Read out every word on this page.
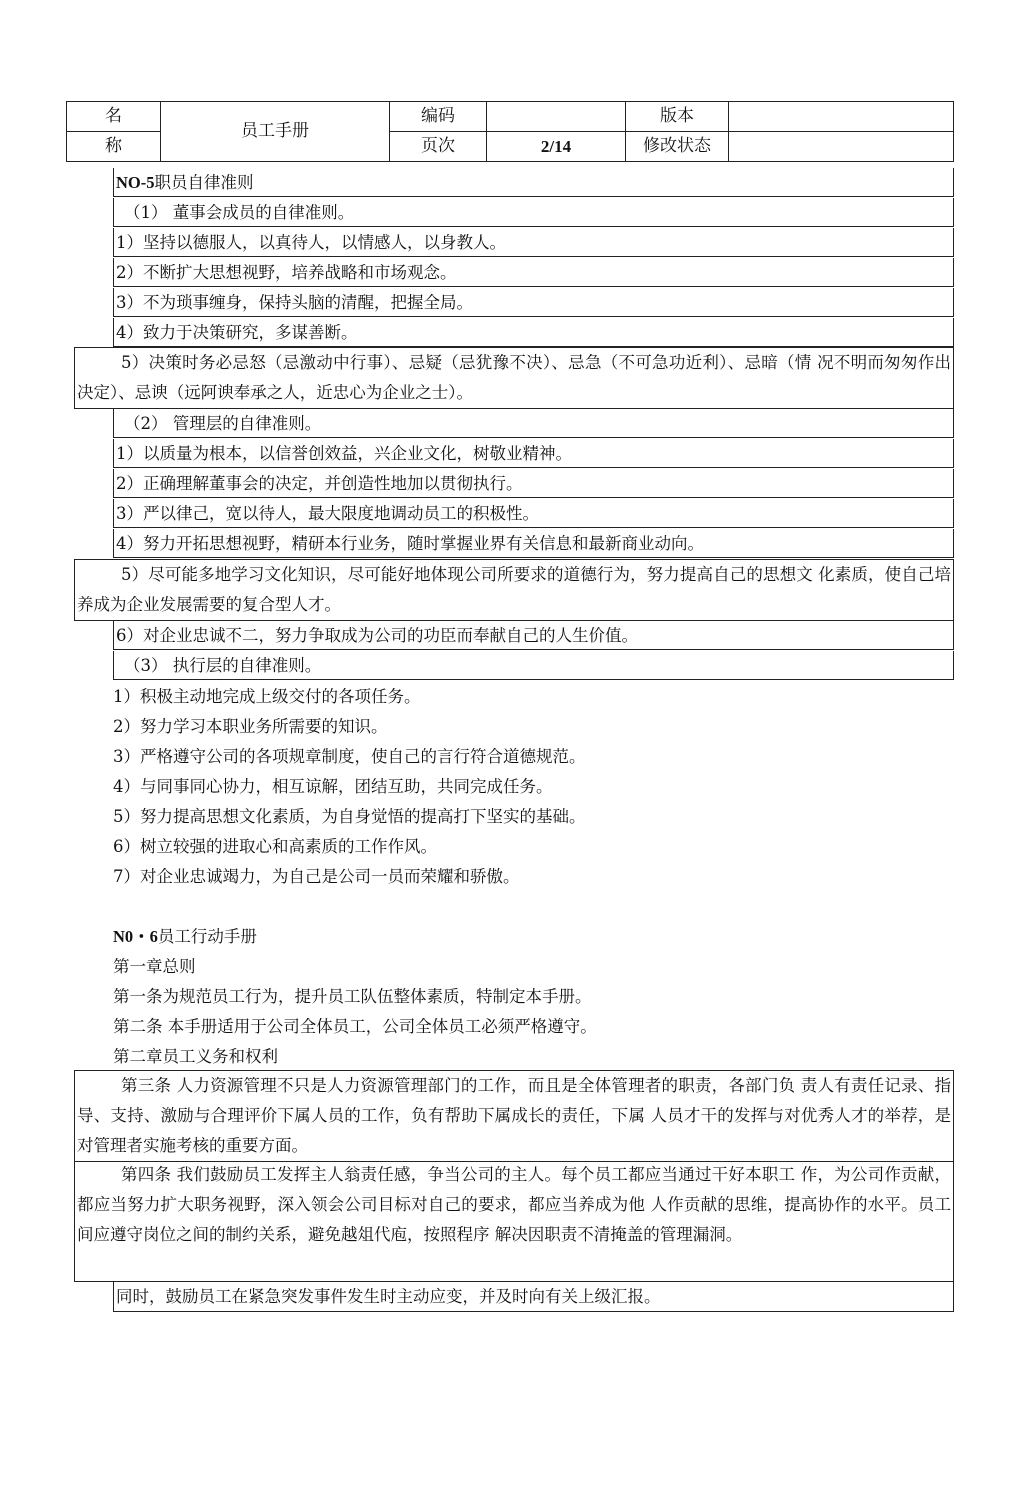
名	员工手册	编码		版本	
称		页次	2/14	修改状态	
NO-5职员自律准则
（1） 董事会成员的自律准则。
1）坚持以德服人，以真待人，以情感人，以身教人。
2）不断扩大思想视野，培养战略和市场观念。
3）不为琐事缠身，保持头脑的清醒，把握全局。
4）致力于决策研究，多谋善断。

5）决策时务必忌怒（忌激动中行事）、忌疑（忌犹豫不决）、忌急（不可急功近利）、忌暗（情 况不明而匆匆作出决定）、忌谀（远阿谀奉承之人，近忠心为企业之士）。

（2） 管理层的自律准则。
1）以质量为根本，以信誉创效益，兴企业文化，树敬业精神。
2）正确理解董事会的决定，并创造性地加以贯彻执行。
3）严以律己，宽以待人，最大限度地调动员工的积极性。
4）努力开拓思想视野，精研本行业务，随时掌握业界有关信息和最新商业动向。

5）尽可能多地学习文化知识，尽可能好地体现公司所要求的道德行为，努力提高自己的思想文 化素质，使自己培养成为企业发展需要的复合型人才。

6）对企业忠诚不二，努力争取成为公司的功臣而奉献自己的人生价值。
（3） 执行层的自律准则。
1）积极主动地完成上级交付的各项任务。
2）努力学习本职业务所需要的知识。
3）严格遵守公司的各项规章制度，使自己的言行符合道德规范。
4）与同事同心协力，相互谅解，团结互助，共同完成任务。
5）努力提高思想文化素质，为自身觉悟的提高打下坚实的基础。
6）树立较强的进取心和高素质的工作作风。
7）对企业忠诚竭力，为自己是公司一员而荣耀和骄傲。
N0・6员工行动手册
第一章总则
第一条为规范员工行为，提升员工队伍整体素质，特制定本手册。
第二条 本手册适用于公司全体员工，公司全体员工必须严格遵守。
第二章员工义务和权利

第三条 人力资源管理不只是人力资源管理部门的工作，而且是全体管理者的职责，各部门负 责人有责任记录、指导、支持、激励与合理评价下属人员的工作，负有帮助下属成长的责任，下属 人员才干的发挥与对优秀人才的举荐，是对管理者实施考核的重要方面。

第四条 我们鼓励员工发挥主人翁责任感，争当公司的主人。每个员工都应当通过干好本职工 作，为公司作贡献，都应当努力扩大职务视野，深入领会公司目标对自己的要求，都应当养成为他 人作贡献的思维，提高协作的水平。员工间应遵守岗位之间的制约关系，避免越俎代庖，按照程序 解决因职责不清掩盖的管理漏洞。

同时，鼓励员工在紧急突发事件发生时主动应变，并及时向有关上级汇报。
